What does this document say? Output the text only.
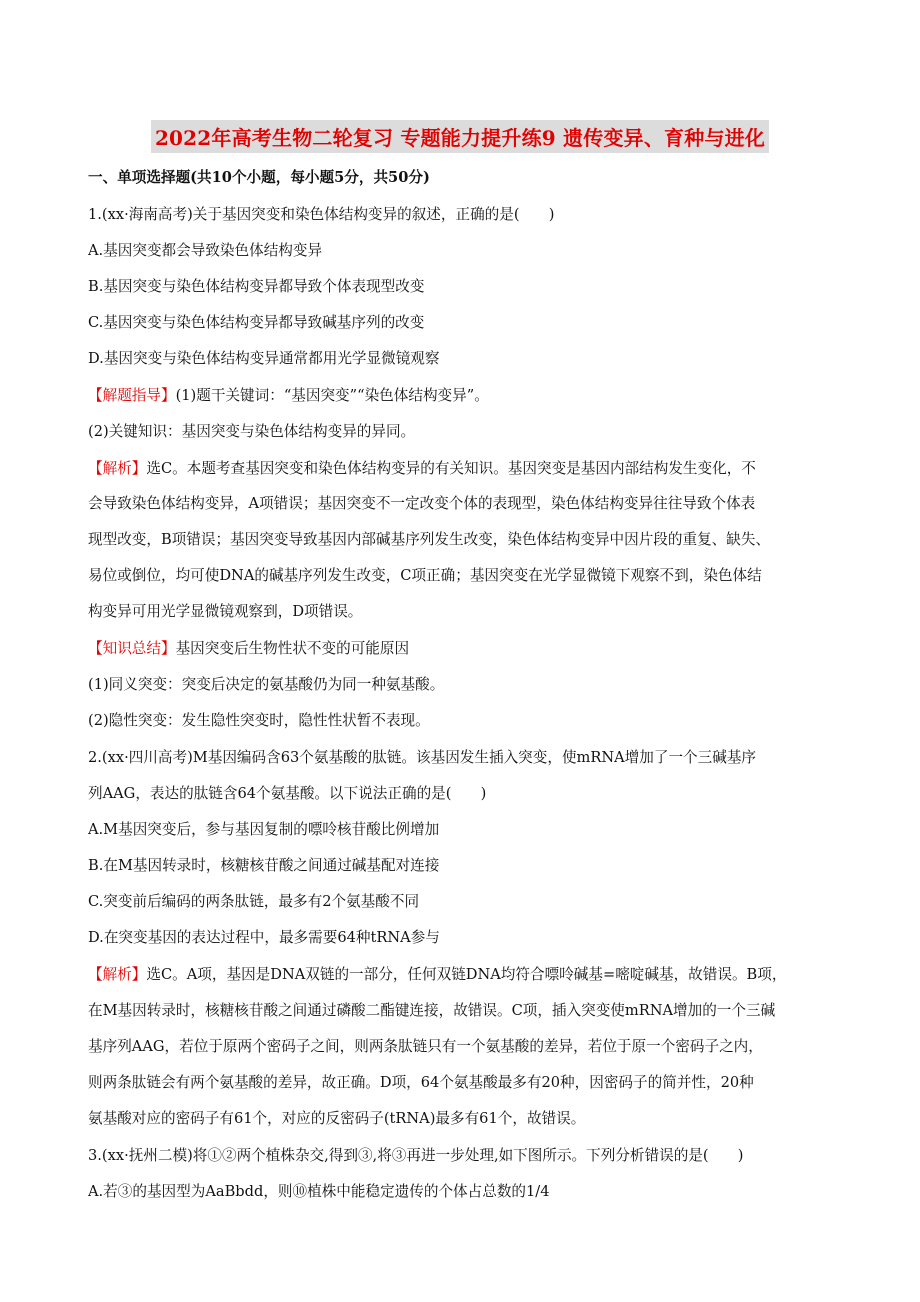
2022年高考生物二轮复习 专题能力提升练9 遗传变异、育种与进化
一、单项选择题(共10个小题，每小题5分，共50分)
1.(xx·海南高考)关于基因突变和染色体结构变异的叙述，正确的是(　　)
A.基因突变都会导致染色体结构变异
B.基因突变与染色体结构变异都导致个体表现型改变
C.基因突变与染色体结构变异都导致碱基序列的改变
D.基因突变与染色体结构变异通常都用光学显微镜观察
【解题指导】(1)题干关键词：“基因突变”“染色体结构变异”。
(2)关键知识：基因突变与染色体结构变异的异同。
【解析】选C。本题考查基因突变和染色体结构变异的有关知识。基因突变是基因内部结构发生变化，不
会导致染色体结构变异，A项错误；基因突变不一定改变个体的表现型，染色体结构变异往往导致个体表
现型改变，B项错误；基因突变导致基因内部碱基序列发生改变，染色体结构变异中因片段的重复、缺失、
易位或倒位，均可使DNA的碱基序列发生改变，C项正确；基因突变在光学显微镜下观察不到，染色体结
构变异可用光学显微镜观察到，D项错误。
【知识总结】基因突变后生物性状不变的可能原因
(1)同义突变：突变后决定的氨基酸仍为同一种氨基酸。
(2)隐性突变：发生隐性突变时，隐性性状暂不表现。
2.(xx·四川高考)M基因编码含63个氨基酸的肽链。该基因发生插入突变，使mRNA增加了一个三碱基序
列AAG，表达的肽链含64个氨基酸。以下说法正确的是(　　)
A.M基因突变后，参与基因复制的嘌呤核苷酸比例增加
B.在M基因转录时，核糖核苷酸之间通过碱基配对连接
C.突变前后编码的两条肽链，最多有2个氨基酸不同
D.在突变基因的表达过程中，最多需要64种tRNA参与
【解析】选C。A项，基因是DNA双链的一部分，任何双链DNA均符合嘌呤碱基=嘧啶碱基，故错误。B项，
在M基因转录时，核糖核苷酸之间通过磷酸二酯键连接，故错误。C项，插入突变使mRNA增加的一个三碱
基序列AAG，若位于原两个密码子之间，则两条肽链只有一个氨基酸的差异，若位于原一个密码子之内，
则两条肽链会有两个氨基酸的差异，故正确。D项，64个氨基酸最多有20种，因密码子的简并性，20种
氨基酸对应的密码子有61个，对应的反密码子(tRNA)最多有61个，故错误。
3.(xx·抚州二模)将①②两个植株杂交,得到③,将③再进一步处理,如下图所示。下列分析错误的是(　　)
A.若③的基因型为AaBbdd，则⑩植株中能稳定遗传的个体占总数的1/4
